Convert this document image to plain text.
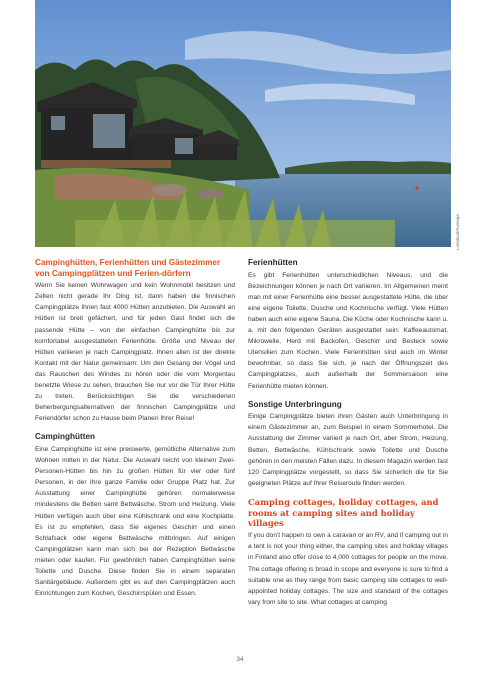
Lomakoti/Kuvaaja
Campinghütten, Ferienhütten und Gästezimmer von Campingplätzen und Ferien-dörfern

Wenn Sie keinen Wohnwagen und kein Wohnmobil besitzen und Zelten nicht gerade Ihr Ding ist, dann haben die finnischen Campingplätze Ihnen fast 4000 Hütten anzubieten. Die Auswahl an Hütten ist breit gefächert, und für jeden Gast findet sich die passende Hütte – von der einfachen Campinghütte bis zur komfortabel ausgestatteten Ferienhütte. Größe und Niveau der Hütten variieren je nach Campingplatz. Ihnen allen ist der direkte Kontakt mit der Natur gemeinsam: Um den Gesang der Vögel und das Rauschen des Windes zu hören oder die vom Morgentau benetzte Wiese zu sehen, brauchen Sie nur vor die Tür Ihrer Hütte zu treten. Berücksichtigen Sie die verschiedenen Beherbergungsalternativen der finnischen Campingplätze und Feriendörfer schon zu Hause beim Planen Ihrer Reise!

Campinghütten

Eine Campinghütte ist eine preiswerte, gemütliche Alternative zum Wohnen mitten in der Natur. Die Auswahl reicht von kleinen Zwei-Personen-Hütten bis hin zu großen Hütten für vier oder fünf Personen, in der Ihre ganze Familie oder Gruppe Platz hat. Zur Ausstattung einer Campinghütte gehören normalerweise mindestens die Betten samt Bettwäsche, Strom und Heizung. Viele Hütten verfügen auch über eine Kühlschrank und eine Kochplatte. Es ist zu empfehlen, dass Sie eigenes Geschirr und einen Schlafsack oder eigene Bettwäsche mitbringen. Auf einigen Campingplätzen kann man sich bei der Rezeption Bettwäsche mieten oder kaufen. Für gewöhnlich haben Campinghütten keine Toilette und Dusche. Diese finden Sie in einem separaten Sanitärgebäude. Außerdem gibt es auf den Campingplätzen auch Einrichtungen zum Kochen, Geschirrspülen und Essen.

Ferienhütten

Es gibt Ferienhütten unterschiedlichen Niveaus, und die Bezeichnungen können je nach Ort variieren. Im Allgemeinen meint man mit einer Ferienhütte eine besser ausgestattete Hütte, die über eine eigene Toilette, Dusche und Kochnische verfügt. Viele Hütten haben auch eine eigene Sauna. Die Küche oder Kochnische kann u. a. mit den folgenden Geräten ausgestattet sein: Kaffeeautomat, Mikrowelle, Herd mit Backofen, Geschirr und Besteck sowie Utensilien zum Kochen. Viele Ferienhütten sind auch im Winter bewohnbar, so dass Sie sich, je nach der Öffnungszeit des Campingplatzes, auch außerhalb der Sommersaison eine Ferienhütte mieten können.

Sonstige Unterbringung

Einige Campingplätze bieten ihren Gästen auch Unterbringung in einem Gästezimmer an, zum Beispiel in einem Sommerhotel. Die Ausstattung der Zimmer variiert je nach Ort, aber Strom, Heizung, Betten, Bettwäsche, Kühlschrank sowie Toilette und Dusche gehören in den meisten Fällen dazu. In diesem Magazin werden fast 120 Campingplätze vorgestellt, so dass Sie sicherlich die für Sie geeigneten Plätze auf Ihrer Reiseroute finden werden.

Camping cottages, holiday cottages, and rooms at camping sites and holiday villages

If you don't happen to own a caravan or an RV, and if camping out in a tent is not your thing either, the camping sites and holiday villages in Finland also offer close to 4,000 cottages for people on the move. The cottage offering is broad in scope and everyone is sure to find a suitable one as they range from basic camping site cottages to well-appointed holiday cottages. The size and standard of the cottages vary from site to site. What cottages at camping

34
